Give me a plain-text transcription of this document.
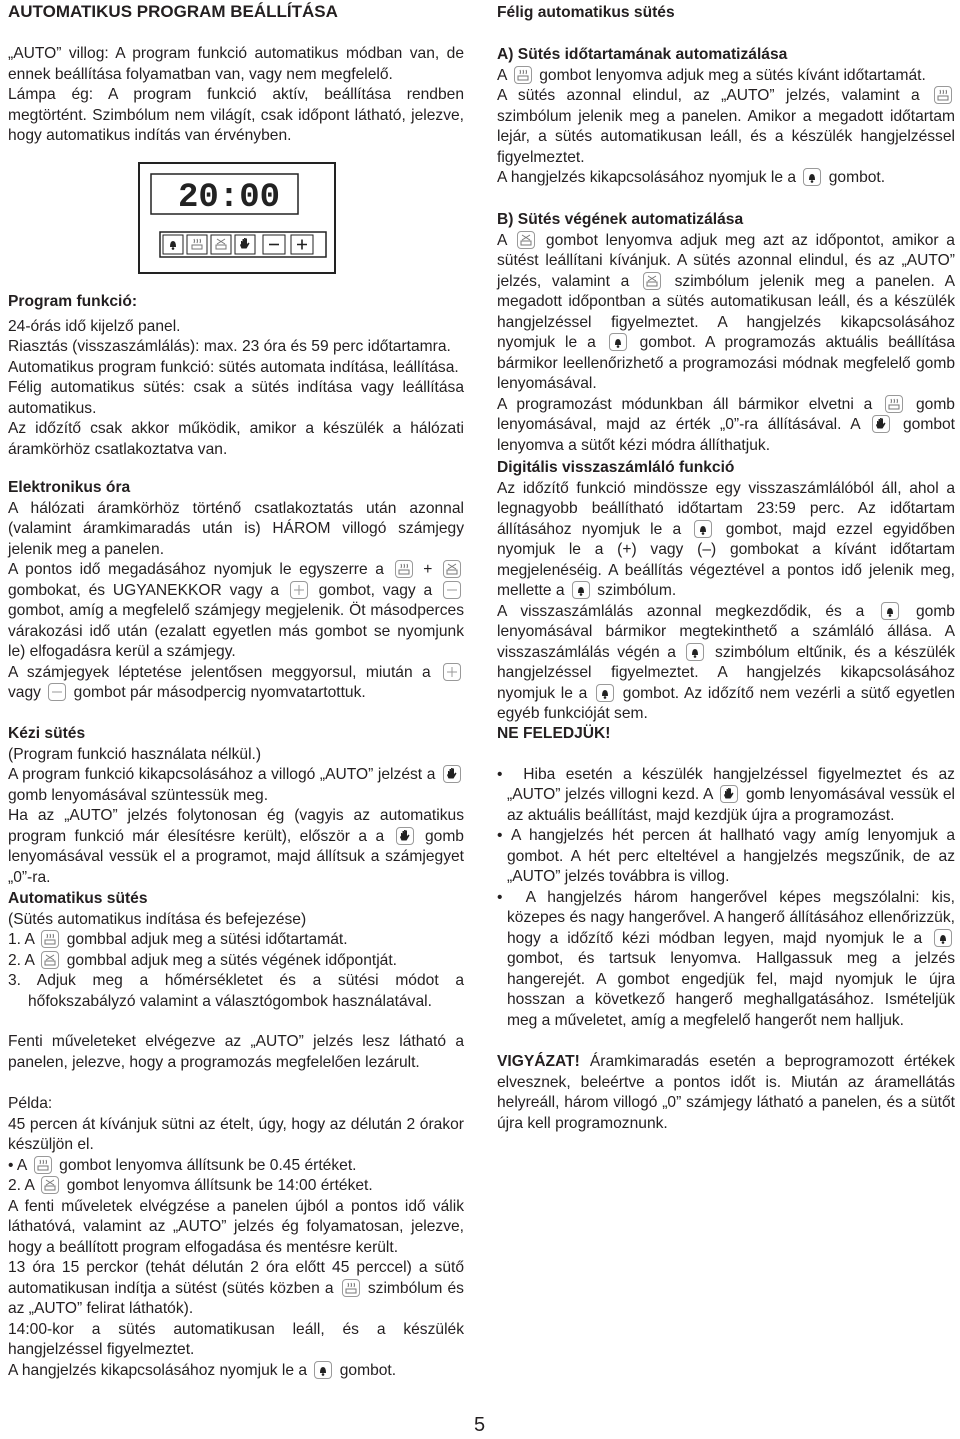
AUTOMATIKUS PROGRAM BEÁLLÍTÁSA

„AUTO” villog: A program funkció automatikus módban van, de ennek beállítása folyamatban van, vagy nem megfelelő.

Lámpa ég: A program funkció aktív, beállítása rendben megtörtént. Szimbólum nem világít, csak időpont látható, jelezve, hogy automatikus indítás van érvényben.

20:00

Program funkció:

24-órás idő kijelző panel.

Riasztás (visszaszámlálás): max. 23 óra és 59 perc időtartamra.

Automatikus program funkció: sütés automata indítása, leállítása.

Félig automatikus sütés: csak a sütés indítása vagy leállítása automatikus.

Az időzítő csak akkor működik, amikor a készülék a hálózati áramkörhöz csatlakoztatva van.

Elektronikus óra

A hálózati áramkörhöz történő csatlakoztatás után azonnal (valamint áramkimaradás után is) HÁROM villogó számjegy jelenik meg a panelen.

A pontos idő megadásához nyomjuk le egyszerre a	+
gombokat, és UGYANEKKOR vagy a	gombot, vagy a
gombot, amíg a megfelelő számjegy megjelenik. Öt másodperces várakozási idő után (ezalatt egyetlen más gombot se nyomjunk le) elfogadásra kerül a számjegy.

A számjegyek léptetése jelentősen meggyorsul, miután a
vagy gombot pár másodpercig nyomvatartottuk.

Kézi sütés

(Program funkció használata nélkül.)

A program funkció kikapcsolásához a villogó „AUTO” jelzést a
gomb lenyomásával szüntessük meg.

Ha az „AUTO” jelzés folytonosan ég (vagyis az automatikus program funkció már élesítésre került), először a a	gomb lenyomásával vessük el a programot, majd állítsuk a számjegyet „0”-ra.

Automatikus sütés

(Sütés automatikus indítása és befejezése)

1. A gombbal adjuk meg a sütési időtartamát.

2. A gombbal adjuk meg a sütés végének időpontját.

3. Adjuk meg a hőmérsékletet és a sütési módot a hőfokszabályzó valamint a választógombok használatával.

Fenti műveleteket elvégezve az „AUTO” jelzés lesz látható a panelen, jelezve, hogy a programozás megfelelően lezárult.

Példa:

45 percen át kívánjuk sütni az ételt, úgy, hogy az délután 2 órakor készüljön el.

• A gombot lenyomva állítsunk be 0.45 értéket.

2. A gombot lenyomva állítsunk be 14:00 értéket.

A fenti műveletek elvégzése a panelen újból a pontos idő válik láthatóvá, valamint az „AUTO” jelzés ég folyamatosan, jelezve, hogy a beállított program elfogadása és mentésre került.

13 óra 15 perckor (tehát délután 2 óra előtt 45 perccel) a sütő automatikusan indítja a sütést (sütés közben a szimbólum és az „AUTO” felirat láthatók).

14:00-kor a sütés automatikusan leáll, és a készülék hangjelzéssel figyelmeztet.

A hangjelzés kikapcsolásához nyomjuk le a gombot.

Félig automatikus sütés

A) Sütés időtartamának automatizálása

A gombot lenyomva adjuk meg a sütés kívánt időtartamát.

A sütés azonnal elindul, az „AUTO” jelzés, valamint a
szimbólum jelenik meg a panelen. Amikor a megadott időtartam lejár, a sütés automatikusan leáll, és a készülék hangjelzéssel figyelmeztet.

A hangjelzés kikapcsolásához nyomjuk le a gombot.

B) Sütés végének automatizálása

A	gombot lenyomva adjuk meg azt az időpontot, amikor a sütést leállítani kívánjuk. A sütés azonnal elindul, és az „AUTO” jelzés, valamint a	szimbólum jelenik meg a panelen. A megadott időpontban a sütés automatikusan leáll, és a készülék hangjelzéssel figyelmeztet. A hangjelzés kikapcsolásához nyomjuk le a	gombot. A programozás aktuális beállítása bármikor leellenőrizhető a programozási módnak megfelelő gomb lenyomásával.

A programozást módunkban áll bármikor elvetni a	gomb lenyomásával, majd az érték „0”-ra állításával. A	gombot lenyomva a sütőt kézi módra állíthatjuk.

Digitális visszaszámláló funkció

Az időzítő funkció mindössze egy visszaszámlálóból áll, ahol a legnagyobb beállítható időtartam 23:59 perc. Az időtartam állításához nyomjuk le a	gombot, majd ezzel egyidőben nyomjuk le a (+) vagy (–) gombokat a kívánt időtartam megjelenéséig. A beállítás végeztével a pontos idő jelenik meg, mellette a szimbólum.

A visszaszámlálás azonnal megkezdődik, és a	gomb lenyomásával bármikor megtekinthető a számláló állása. A visszaszámlálás végén a	szimbólum eltűnik, és a készülék hangjelzéssel figyelmeztet. A hangjelzés kikapcsolásához nyomjuk le a gombot. Az időzítő nem vezérli a sütő egyetlen egyéb funkcióját sem.

NE FELEDJÜK!

• Hiba esetén a készülék hangjelzéssel figyelmeztet és az „AUTO” jelzés villogni kezd. A gomb lenyomásával vessük el az aktuális beállítást, majd kezdjük újra a programozást.
• A hangjelzés hét percen át hallható vagy amíg lenyomjuk a gombot. A hét perc elteltével a hangjelzés megszűnik, de az „AUTO” jelzés továbbra is villog.
• A hangjelzés három hangerővel képes megszólalni: kis, közepes és nagy hangerővel. A hangerő állításához ellenőrizzük, hogy a időzítő kézi módban legyen, majd nyomjuk le a
gombot, és tartsuk lenyomva. Hallgassuk meg a jelzés hangerejét. A gombot engedjük fel, majd nyomjuk le újra hosszan a következő hangerő meghallgatásához. Ismételjük meg a műveletet, amíg a megfelelő hangerőt nem halljuk.

VIGYÁZAT! Áramkimaradás esetén a beprogramozott értékek elvesznek, beleértve a pontos időt is. Miután az áramellátás helyreáll, három villogó „0” számjegy látható a panelen, és a sütőt újra kell programoznunk.

5
